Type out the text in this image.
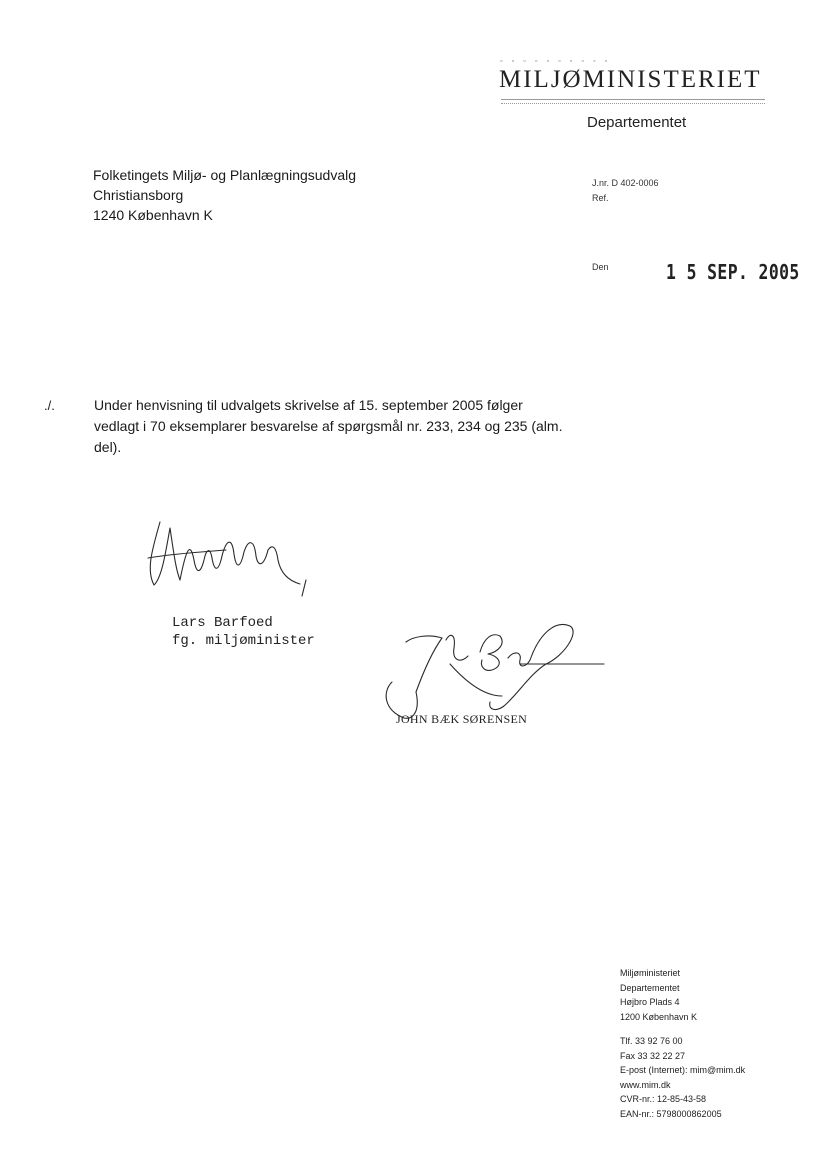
▫ ▫ ▫ ▫ ▫ ▫ ▫ ▫ ▫ ▫
MILJØMINISTERIET
Departementet
Folketingets Miljø- og Planlægningsudvalg
Christiansborg
1240 København K
J.nr. D 402-0006
Ref.
Den	1 5 SEP. 2005
./.	Under henvisning til udvalgets skrivelse af 15. september 2005 følger vedlagt i 70 eksemplarer besvarelse af spørgsmål nr. 233, 234 og 235 (alm. del).
Lars Barfoed
fg. miljøminister
JOHN BÆK SØRENSEN
Miljøministeriet
Departementet
Højbro Plads 4
1200 København K
Tlf. 33 92 76 00
Fax 33 32 22 27
E-post (Internet): mim@mim.dk
www.mim.dk
CVR-nr.: 12-85-43-58
EAN-nr.: 5798000862005
